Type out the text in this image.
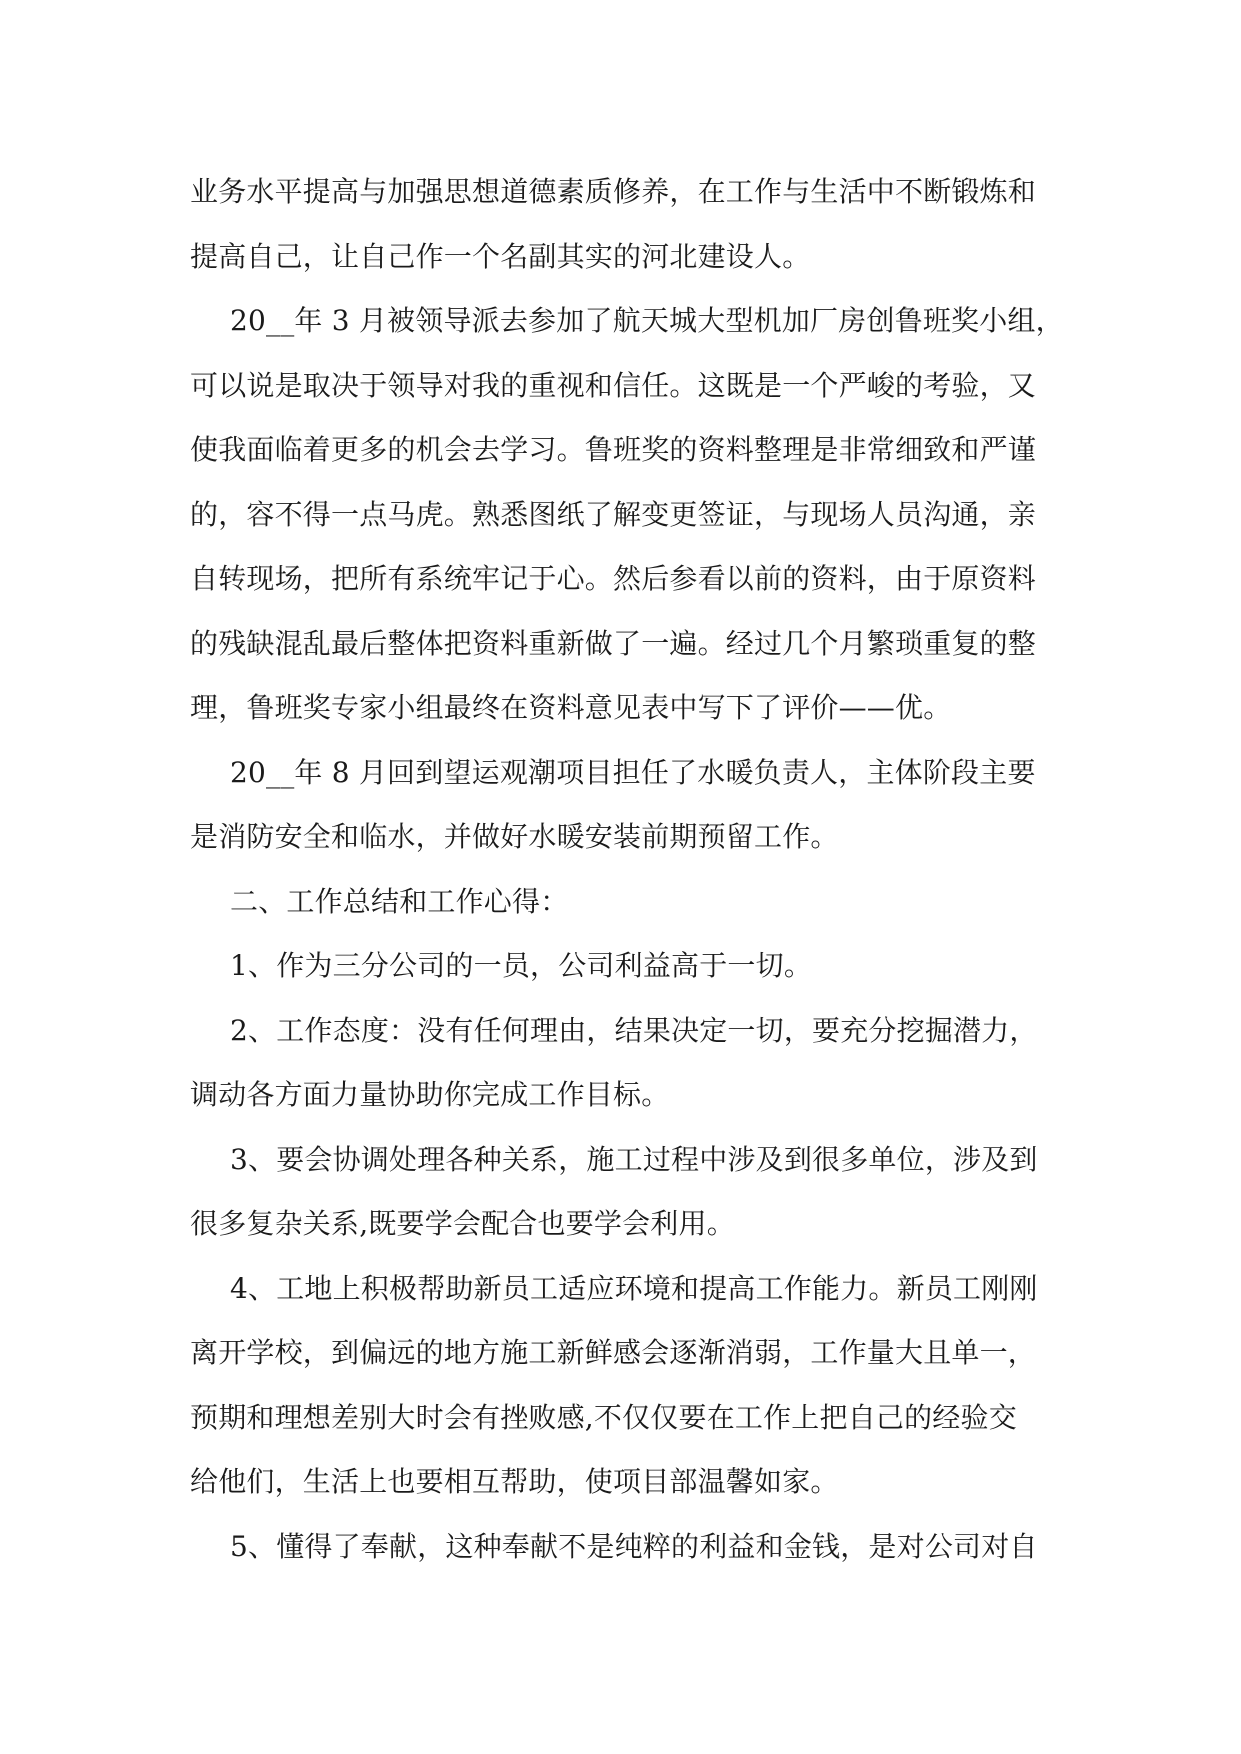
业务水平提高与加强思想道德素质修养，在工作与生活中不断锻炼和
提高自己，让自己作一个名副其实的河北建设人。
20__年 3 月被领导派去参加了航天城大型机加厂房创鲁班奖小组，
可以说是取决于领导对我的重视和信任。这既是一个严峻的考验，又
使我面临着更多的机会去学习。鲁班奖的资料整理是非常细致和严谨
的，容不得一点马虎。熟悉图纸了解变更签证，与现场人员沟通，亲
自转现场，把所有系统牢记于心。然后参看以前的资料，由于原资料
的残缺混乱最后整体把资料重新做了一遍。经过几个月繁琐重复的整
理，鲁班奖专家小组最终在资料意见表中写下了评价——优。
20__年 8 月回到望运观潮项目担任了水暖负责人，主体阶段主要
是消防安全和临水，并做好水暖安装前期预留工作。
二、工作总结和工作心得：
1、作为三分公司的一员，公司利益高于一切。
2、工作态度：没有任何理由，结果决定一切，要充分挖掘潜力，
调动各方面力量协助你完成工作目标。
3、要会协调处理各种关系，施工过程中涉及到很多单位，涉及到
很多复杂关系,既要学会配合也要学会利用。
4、工地上积极帮助新员工适应环境和提高工作能力。新员工刚刚
离开学校，到偏远的地方施工新鲜感会逐渐消弱，工作量大且单一，
预期和理想差别大时会有挫败感,不仅仅要在工作上把自己的经验交
给他们，生活上也要相互帮助，使项目部温馨如家。
5、懂得了奉献，这种奉献不是纯粹的利益和金钱，是对公司对自
